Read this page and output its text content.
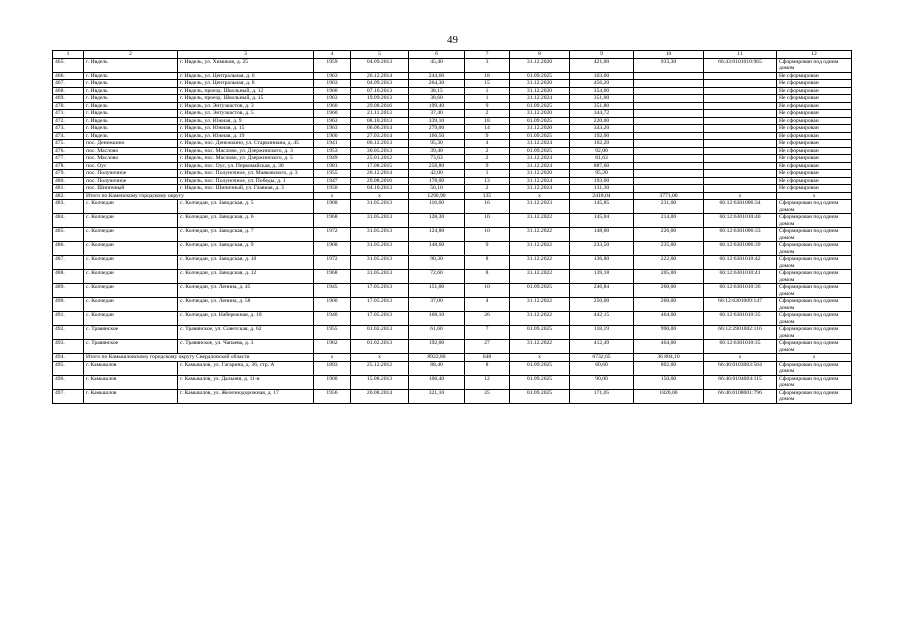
49
1	2	3	4	5	6	7	8	9	10	11	12
465.	г. Ивдель	г. Ивдель, ул. Химиков, д. 25	1959	04.09.2013	45,40	3	31.12.2020	421,00	933,30	66:43:0101010:965	Сформирован под одним домом
466.	г. Ивдель	г. Ивдель, ул. Центральная, д. 6	1963	26.12.2014	244,60	18	01.09.2025	103,00			Не сформирован
467.	г. Ивдель	г. Ивдель, ул. Центральная, д. 8	1963	04.09.2013	264,30	15	31.12.2020	456,20			Не сформирован
468.	г. Ивдель	г. Ивдель, проезд. Школьный, д. 12	1960	07.10.2013	38,15	1	31.12.2020	354,00			Не сформирован
469.	г. Ивдель	г. Ивдель, проезд. Школьный, д. 15	1963	19.09.2013	38,60	1	31.12.2024	351,00			Не сформирован
470.	г. Ивдель	г. Ивдель, ул. Энтузиастов, д. 3	1960	29.08.2016	199,40	9	01.09.2025	351,80			Не сформирован
471.	г. Ивдель	г. Ивдель, ул. Энтузиастов, д. 5	1960	21.11.2013	37,40	2	31.12.2020	344,72			Не сформирован
472.	г. Ивдель	г. Ивдель, ул. Южная, д. 9	1963	08.10.2013	339,10	18	01.09.2025	220,00			Не сформирован
473.	г. Ивдель	г. Ивдель, ул. Южная, д. 15	1963	06.06.2014	279,00	14	31.12.2020	343,20			Не сформирован
474.	г. Ивдель	г. Ивдель, ул. Южная, д. 19	1960	27.03.2014	166,50	9	01.09.2025	192,00			Не сформирован
475.	пос. Денежкино	г. Ивдель, пос. Денежкино, ул. Старкиниана, д. 45	1941	06.12.2013	95,30	4	31.12.2024	162,20			Не сформирован
476.	пос. Маслово	г. Ивдель, пос. Маслово, ул. Дзержинского, д. 3	1953	30.05.2013	39,40	2	01.09.2025	92,00			Не сформирован
477.	пос. Маслово	г. Ивдель, пос. Маслово, ул. Дзержинского, д. 5	1949	25.01.2012	73,63	2	31.12.2024	81,63			Не сформирован
478.	пос. Оус	г. Ивдель, пос. Оус, ул. Первомайская, д. 30	1981	17.08.2015	258,80	9	31.12.2024	887,60			Не сформирован
479.	пос. Полуночное	г. Ивдель, пос. Полуночное, ул. Маяковского, д. 3	1955	26.12.2014	42,00	1	31.12.2020	95,20			Не сформирован
480.	пос. Полуночное	г. Ивдель, пос. Полуночное, ул. Победы, д. 1	1947	29.08.2016	178,00	13	31.12.2024	193,00			Не сформирован
481.	пос. Шипичный	г. Ивдель, пос. Шипичный, ул. Главная, д. 3	1950	04.10.2013	56,10	2	31.12.2024	131,30			Не сформирован
482.	Итого по Каменскому городскому округу		x	x	1290,90	135	x	2418,04	3771,00	x	x
483.	с. Колчедан	с. Колчедан, ул. Заводская, д. 5	1968	31.05.2013	116,60	16	31.12.2023	145,85	231,00	66:12:6301006:34	Сформирован под одним домом
484.	с. Колчедан	с. Колчедан, ул. Заводская, д. 6	1968	31.05.2013	128,30	10	31.12.2022	145,04	214,00	66:12:6301010:40	Сформирован под одним домом
485.	с. Колчедан	с. Колчедан, ул. Заводская, д. 7	1972	31.05.2013	124,80	10	31.12.2022	148,00	226,00	66:12:6301006:33	Сформирован под одним домом
486.	с. Колчедан	с. Колчедан, ул. Заводская, д. 9	1968	31.05.2013	148,60	9	31.12.2022	233,50	235,00	66:12:6301006:39	Сформирован под одним домом
487.	с. Колчедан	с. Колчедан, ул. Заводская, д. 10	1972	31.05.2013	90,30	8	31.12.2022	136,80	222,00	66:12:6301010:42	Сформирован под одним домом
488.	с. Колчедан	с. Колчедан, ул. Заводская, д. 12	1968	31.05.2013	72,60	8	31.12.2022	139,18	205,00	66:12:6301010:41	Сформирован под одним домом
489.	с. Колчедан	с. Колчедан, ул. Ленина, д. 45	1945	17.05.2013	151,00	10	01.09.2025	246,84	260,00	66:12:6301010:36	Сформирован под одним домом
490.	с. Колчедан	с. Колчедан, ул. Ленина, д. 58	1960	17.05.2013	37,00	4	31.12.2022	250,00	260,00	66:12:6301009:147	Сформирован под одним домом
491.	с. Колчедан	с. Колчедан, ул. Набережная, д. 18	1940	17.05.2013	168,10	26	31.12.2022	442,15	464,00	66:12:6301010:35	Сформирован под одним домом
492.	с. Травянское	с. Травянское, ул. Советская, д. 62	1955	01.02.2013	61,60	7	01.09.2025	118,19	990,00	66:12:2901002:116	Сформирован под одним домом
493.	с. Травянское	с. Травянское, ул. Чапаева, д. 3	1962	01.02.2013	192,00	27	31.12.2022	412,49	464,00	66:12:6301010:35	Сформирован под одним домом
494.	Итого по Камышловскому городскому округу Свердловской области		x	x	8922,80	648	x	6732,65	36 804,10	x	x
495.	г. Камышлов	г. Камышлов, ул. Гагарина, д. 36, стр. А	1893	25.12.2012	88,40	8	01.09.2025	60,60	802,00	66:46:0103003:564	Сформирован под одним домом
496.	г. Камышлов	г. Камышлов, ул. Дальняя, д. 11-в	1960	15.08.2013	106,40	12	01.09.2025	90,00	150,00	66:46:0104004:115	Сформирован под одним домом
497.	г. Камышлов	г. Камышлов, ул. Железнодорожная, д. 17	1956	20.08.2014	321,10	25	01.09.2025	171,05	1820,00	66:46:0108001:796	Сформирован под одним домом
